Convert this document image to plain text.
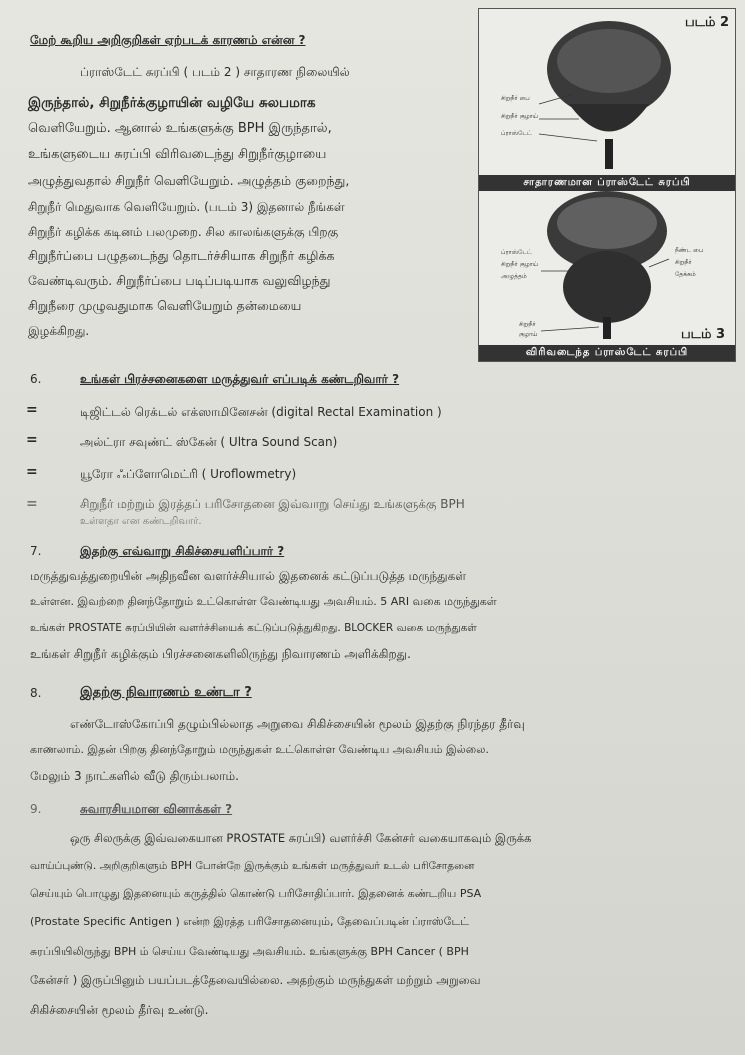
மேற் கூறிய அறிகுறிகள் ஏற்படக் காரணம் என்ன ?
ப்ராஸ்டேட் சுரப்பி ( படம் 2 ) சாதாரண நிலையில்
இருந்தால், சிறுநீர்க்குழாயின் வழியே சுலபமாக
வெளியேறும். ஆனால் உங்களுக்கு BPH இருந்தால்,
உங்களுடைய சுரப்பி விரிவடைந்து சிறுநீர்குழாயை
அழுத்துவதால் சிறுநீர் வெளியேறும். அழுத்தம் குறைந்து,
சிறுநீர் மெதுவாக வெளியேறும். (படம் 3) இதனால் நீங்கள்
சிறுநீர் கழிக்க கடினம் பலமுறை. சில காலங்களுக்கு பிறகு
சிறுநீர்ப்பை பழுதடைந்து தொடர்ச்சியாக சிறுநீர் கழிக்க
வேண்டிவரும். சிறுநீர்ப்பை படிப்படியாக வலுவிழந்து
சிறுநீரை முழுவதுமாக வெளியேறும் தன்மையை
இழக்கிறது.
படம் 2
சிறுநீர் பை
சிறுநீர் குழாய்
ப்ராஸ்டேட்
சாதாரணமான ப்ராஸ்டேட் சுரப்பி
ப்ராஸ்டேட்
சிறுநீர் குழாய்
அழுத்தம்
நீண்ட பை
சிறுநீர்
தேக்கம்
சிறுநீர்
குழாய்	படம் 3
விரிவடைந்த ப்ராஸ்டேட் சுரப்பி
6.	உங்கள் பிரச்சனைகளை மருத்துவர் எப்படிக் கண்டறிவார் ?
=	டிஜிட்டல் ரெக்டல் எக்ஸாமினேசன் (digital Rectal Examination )
=	அல்ட்ரா சவுண்ட் ஸ்கேன் ( Ultra Sound Scan)
=	யூரோ ஃப்ளோமெட்ரி ( Uroflowmetry)
=	சிறுநீர் மற்றும் இரத்தப் பரிசோதனை இவ்வாறு செய்து உங்களுக்கு BPH
உள்ளதா என கண்டறிவார்.
7.	இதற்கு எவ்வாறு சிகிச்சையளிப்பார் ?
மருத்துவத்துறையின் அதிநவீன வளர்ச்சியால் இதனைக் கட்டுப்படுத்த மருந்துகள்
உள்ளன. இவற்றை தினந்தோறும் உட்கொள்ள வேண்டியது அவசியம். 5 ARI வகை மருந்துகள்
உங்கள் PROSTATE சுரப்பியின் வளர்ச்சியைக் கட்டுப்படுத்துகிறது. BLOCKER வகை மருந்துகள்
உங்கள் சிறுநீர் கழிக்கும் பிரச்சனைகளிலிருந்து நிவாரணம் அளிக்கிறது.
8.	இதற்கு நிவாரணம் உண்டா ?
எண்டோஸ்கோப்பி தழும்பில்லாத அறுவை சிகிச்சையின் மூலம் இதற்கு நிரந்தர தீர்வு
காணலாம். இதன் பிறகு தினந்தோறும் மருந்துகள் உட்கொள்ள வேண்டிய அவசியம் இல்லை.
மேலும் 3 நாட்களில் வீடு திரும்பலாம்.
9.	சுவாரசியமான வினாக்கள் ?
ஒரு சிலருக்கு இவ்வகையான PROSTATE சுரப்பி) வளர்ச்சி கேன்சர் வகையாகவும் இருக்க
வாய்ப்புண்டு. அறிகுறிகளும் BPH போன்றே இருக்கும் உங்கள் மருத்துவர் உடல் பரிசோதனை
செய்யும் பொழுது இதனையும் கருத்தில் கொண்டு பரிசோதிப்பார். இதனைக் கண்டறிய PSA
(Prostate Specific Antigen ) என்ற இரத்த பரிசோதனையும், தேவைப்படின் ப்ராஸ்டேட்
சுரப்பியிலிருந்து BPH ம் செய்ய வேண்டியது அவசியம். உங்களுக்கு BPH Cancer ( BPH
கேன்சர் ) இருப்பினும் பயப்படத்தேவையில்லை. அதற்கும் மருந்துகள் மற்றும் அறுவை
சிகிச்சையின் மூலம் தீர்வு உண்டு.
